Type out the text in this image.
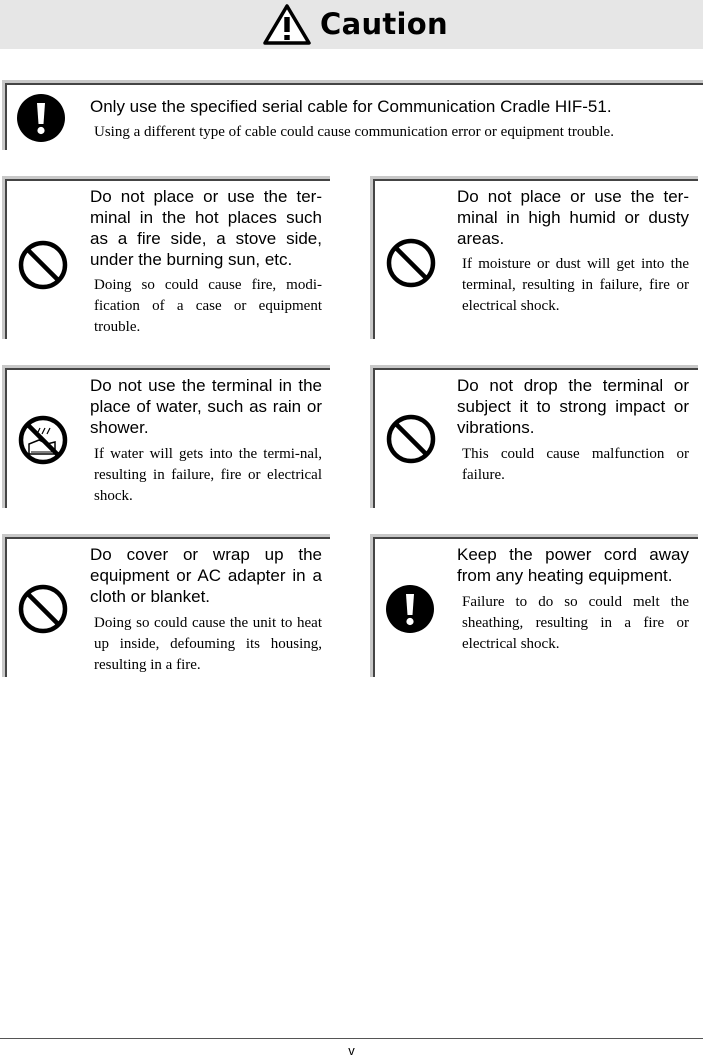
Caution
Only use the specified serial cable for Communication Cradle HIF-51.
Using a different type of cable could cause communication error or equipment trouble.
Do not place or use the ter-minal in the hot places such as a fire side, a stove side, under the burning sun, etc.
Doing so could cause fire, modi-fication of a case or equipment trouble.
Do not place or use the ter-minal in high humid or dusty areas.
If moisture or dust will get into the terminal, resulting in failure, fire or electrical shock.
Do not use the terminal in the place of water, such as rain or shower.
If water will gets into the termi-nal, resulting in failure, fire or electrical shock.
Do not drop the terminal or subject it to strong impact or vibrations.
This could cause malfunction or failure.
Do cover or wrap up the equipment or AC adapter in a cloth or blanket.
Doing so could cause the unit to heat up inside, defouming its housing, resulting in a fire.
Keep the power cord away from any heating equipment.
Failure to do so could melt the sheathing, resulting in a fire or electrical shock.
v
